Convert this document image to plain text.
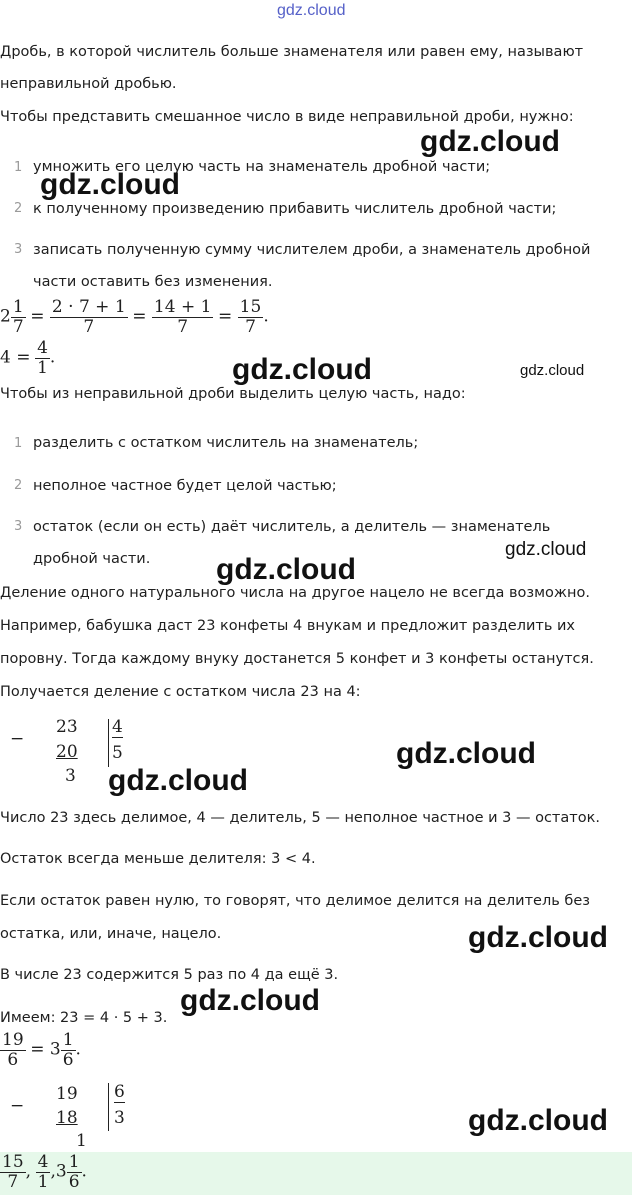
gdz.cloud
Дробь, в которой числитель больше знаменателя или равен ему, называют
неправильной дробью.
Чтобы представить смешанное число в виде неправильной дроби, нужно:
1 умножить его целую часть на знаменатель дробной части;
2 к полученному произведению прибавить числитель дробной части;
3 записать полученную сумму числителем дроби, а знаменатель дробной
части оставить без изменения.
$2 \frac{1}{7} = \frac{2 \cdot 7 + 1}{7} = \frac{14 + 1}{7} = \frac{15}{7}$ .
$4 = \frac{4}{1}$ .
Чтобы из неправильной дроби выделить целую часть, надо:
1 разделить с остатком числитель на знаменатель;
2 неполное частное будет целой частью;
3 остаток (если он есть) даёт числитель, а делитель — знаменатель
дробной части.
Деление одного натурального числа на другое нацело не всегда возможно.
Например, бабушка даст 23 конфеты 4 внукам и предложит разделить их
поровну. Тогда каждому внуку достанется 5 конфет и 3 конфеты останутся.
Получается деление с остатком числа 23 на 4:
−
23
20
3
4
5
Число 23 здесь делимое, 4 — делитель, 5 — неполное частное и 3 — остаток.
Остаток всегда меньше делителя: 3 < 4.
Если остаток равен нулю, то говорят, что делимое делится на делитель без
остатка, или, иначе, нацело.
В числе 23 содержится 5 раз по 4 да ещё 3.
Имеем: 23 = 4 · 5 + 3.
$\frac{19}{6} = 3 \frac{1}{6}$ .
−
19
18
1
6
3
$\frac{15}{7}$ , $\frac{4}{1} ,3 \frac{1}{6}$ .
gdz.cloud
gdz.cloud
gdz.cloud	gdz.cloud
gdz.cloud
gdz.cloud
gdz.cloud
gdz.cloud
gdz.cloud
gdz.cloud
gdz.cloud
